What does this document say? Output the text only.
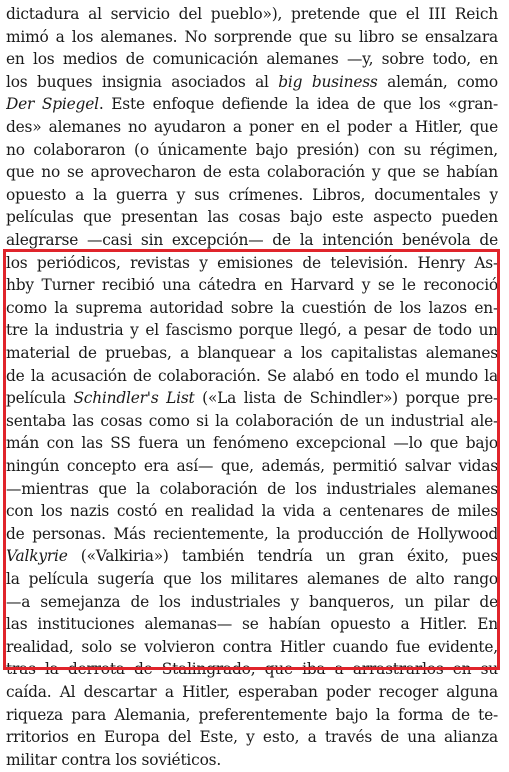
dictadura al servicio del pueblo»), pretende que el III Reich
mimó a los alemanes. No sorprende que su libro se ensalzara
en los medios de comunicación alemanes —y, sobre todo, en
los buques insignia asociados al big business alemán, como
Der Spiegel. Este enfoque defiende la idea de que los «gran-
des» alemanes no ayudaron a poner en el poder a Hitler, que
no colaboraron (o únicamente bajo presión) con su régimen,
que no se aprovecharon de esta colaboración y que se habían
opuesto a la guerra y sus crímenes. Libros, documentales y
películas que presentan las cosas bajo este aspecto pueden
alegrarse —casi sin excepción— de la intención benévola de
los periódicos, revistas y emisiones de televisión. Henry As-
hby Turner recibió una cátedra en Harvard y se le reconoció
como la suprema autoridad sobre la cuestión de los lazos en-
tre la industria y el fascismo porque llegó, a pesar de todo un
material de pruebas, a blanquear a los capitalistas alemanes
de la acusación de colaboración. Se alabó en todo el mundo la
película Schindler's List («La lista de Schindler») porque pre-
sentaba las cosas como si la colaboración de un industrial ale-
mán con las SS fuera un fenómeno excepcional —lo que bajo
ningún concepto era así— que, además, permitió salvar vidas
—mientras que la colaboración de los industriales alemanes
con los nazis costó en realidad la vida a centenares de miles
de personas. Más recientemente, la producción de Hollywood
Valkyrie («Valkiria») también tendría un gran éxito, pues
la película sugería que los militares alemanes de alto rango
—a semejanza de los industriales y banqueros, un pilar de
las instituciones alemanas— se habían opuesto a Hitler. En
realidad, solo se volvieron contra Hitler cuando fue evidente,
tras la derrota de Stalingrado, que iba a arrastrarlos en su
caída. Al descartar a Hitler, esperaban poder recoger alguna
riqueza para Alemania, preferentemente bajo la forma de te-
rritorios en Europa del Este, y esto, a través de una alianza
militar contra los soviéticos.
